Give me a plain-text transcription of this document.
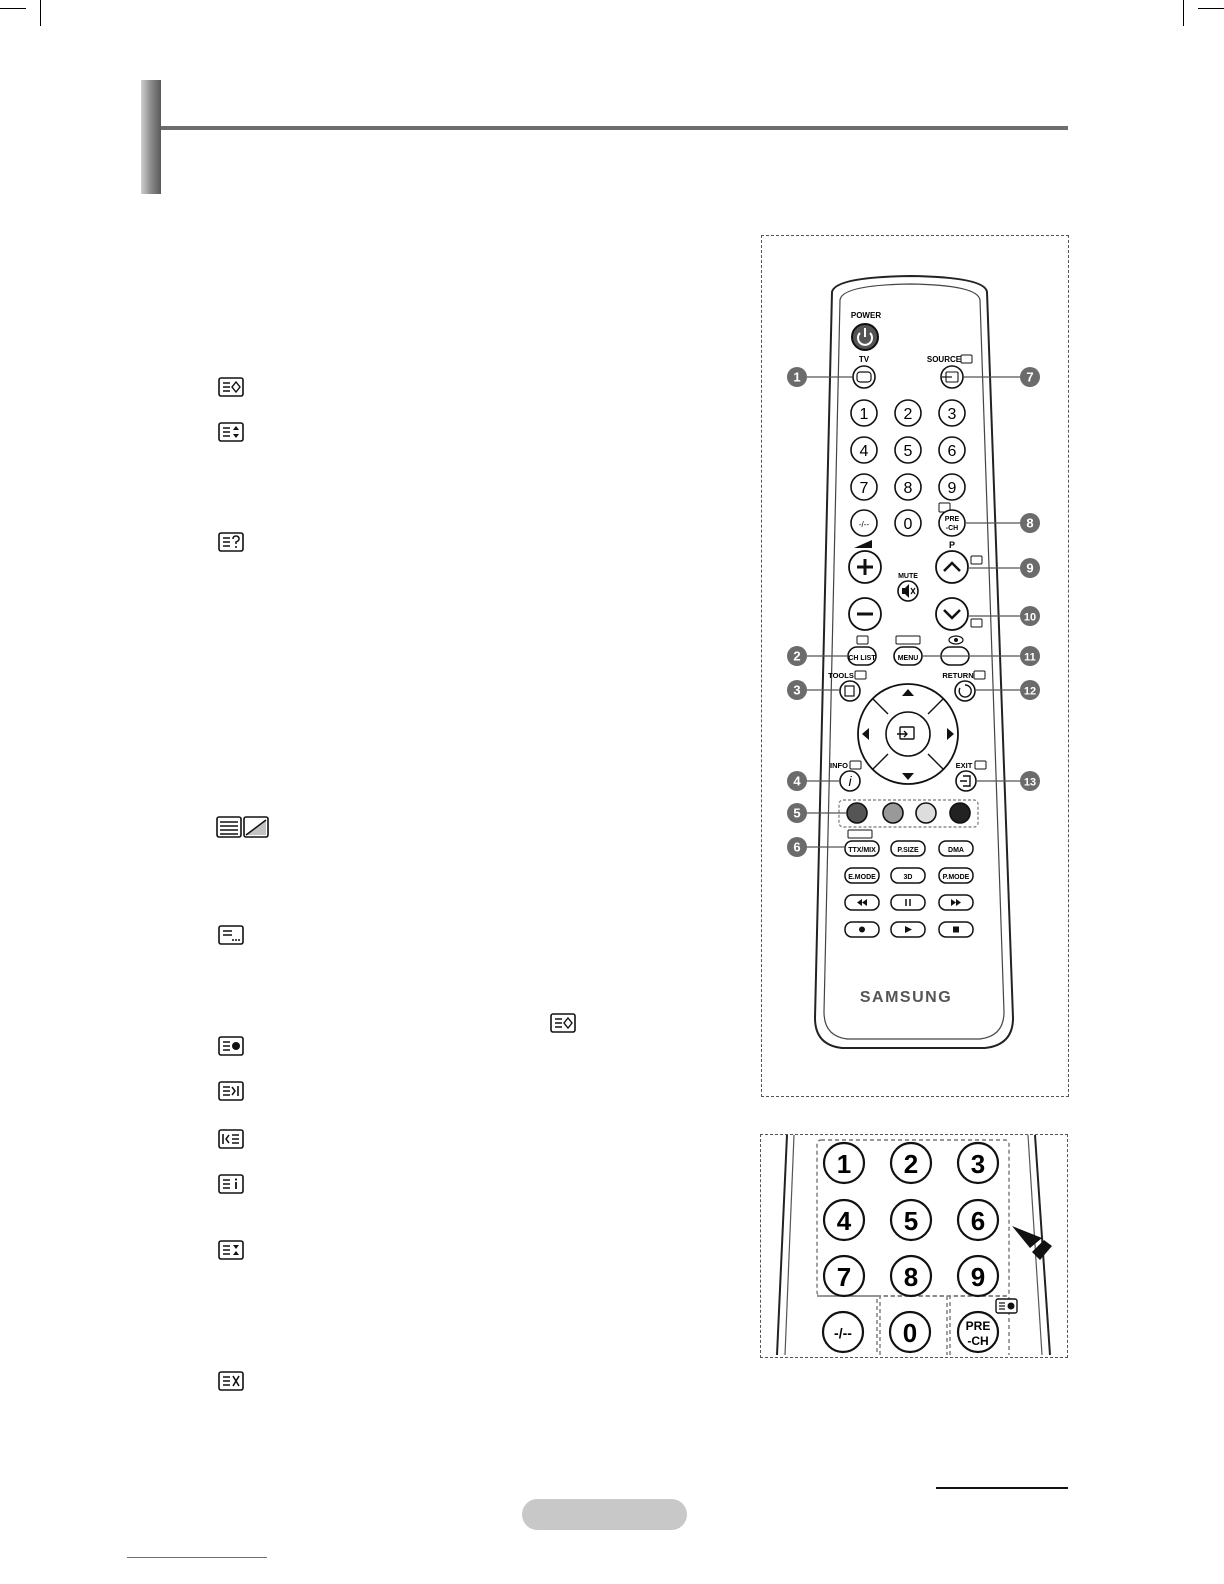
POWER
TV	SOURCE
1 2 3
4 5 6
7 8 9
-/-- 0	PRE
-CH
MUTE
P
CH LIST	MENU
TOOLS	RETURN
INFO
i
EXIT
TTX/MIX	P.SIZE	DMA
E.MODE	3D	P.MODE
SAMSUNG
1
2
3
4
5
6
7
8
9
10
11
12
13
1 2 3
4 5 6
7 8 9
-/-- 0	PRE
-CH
